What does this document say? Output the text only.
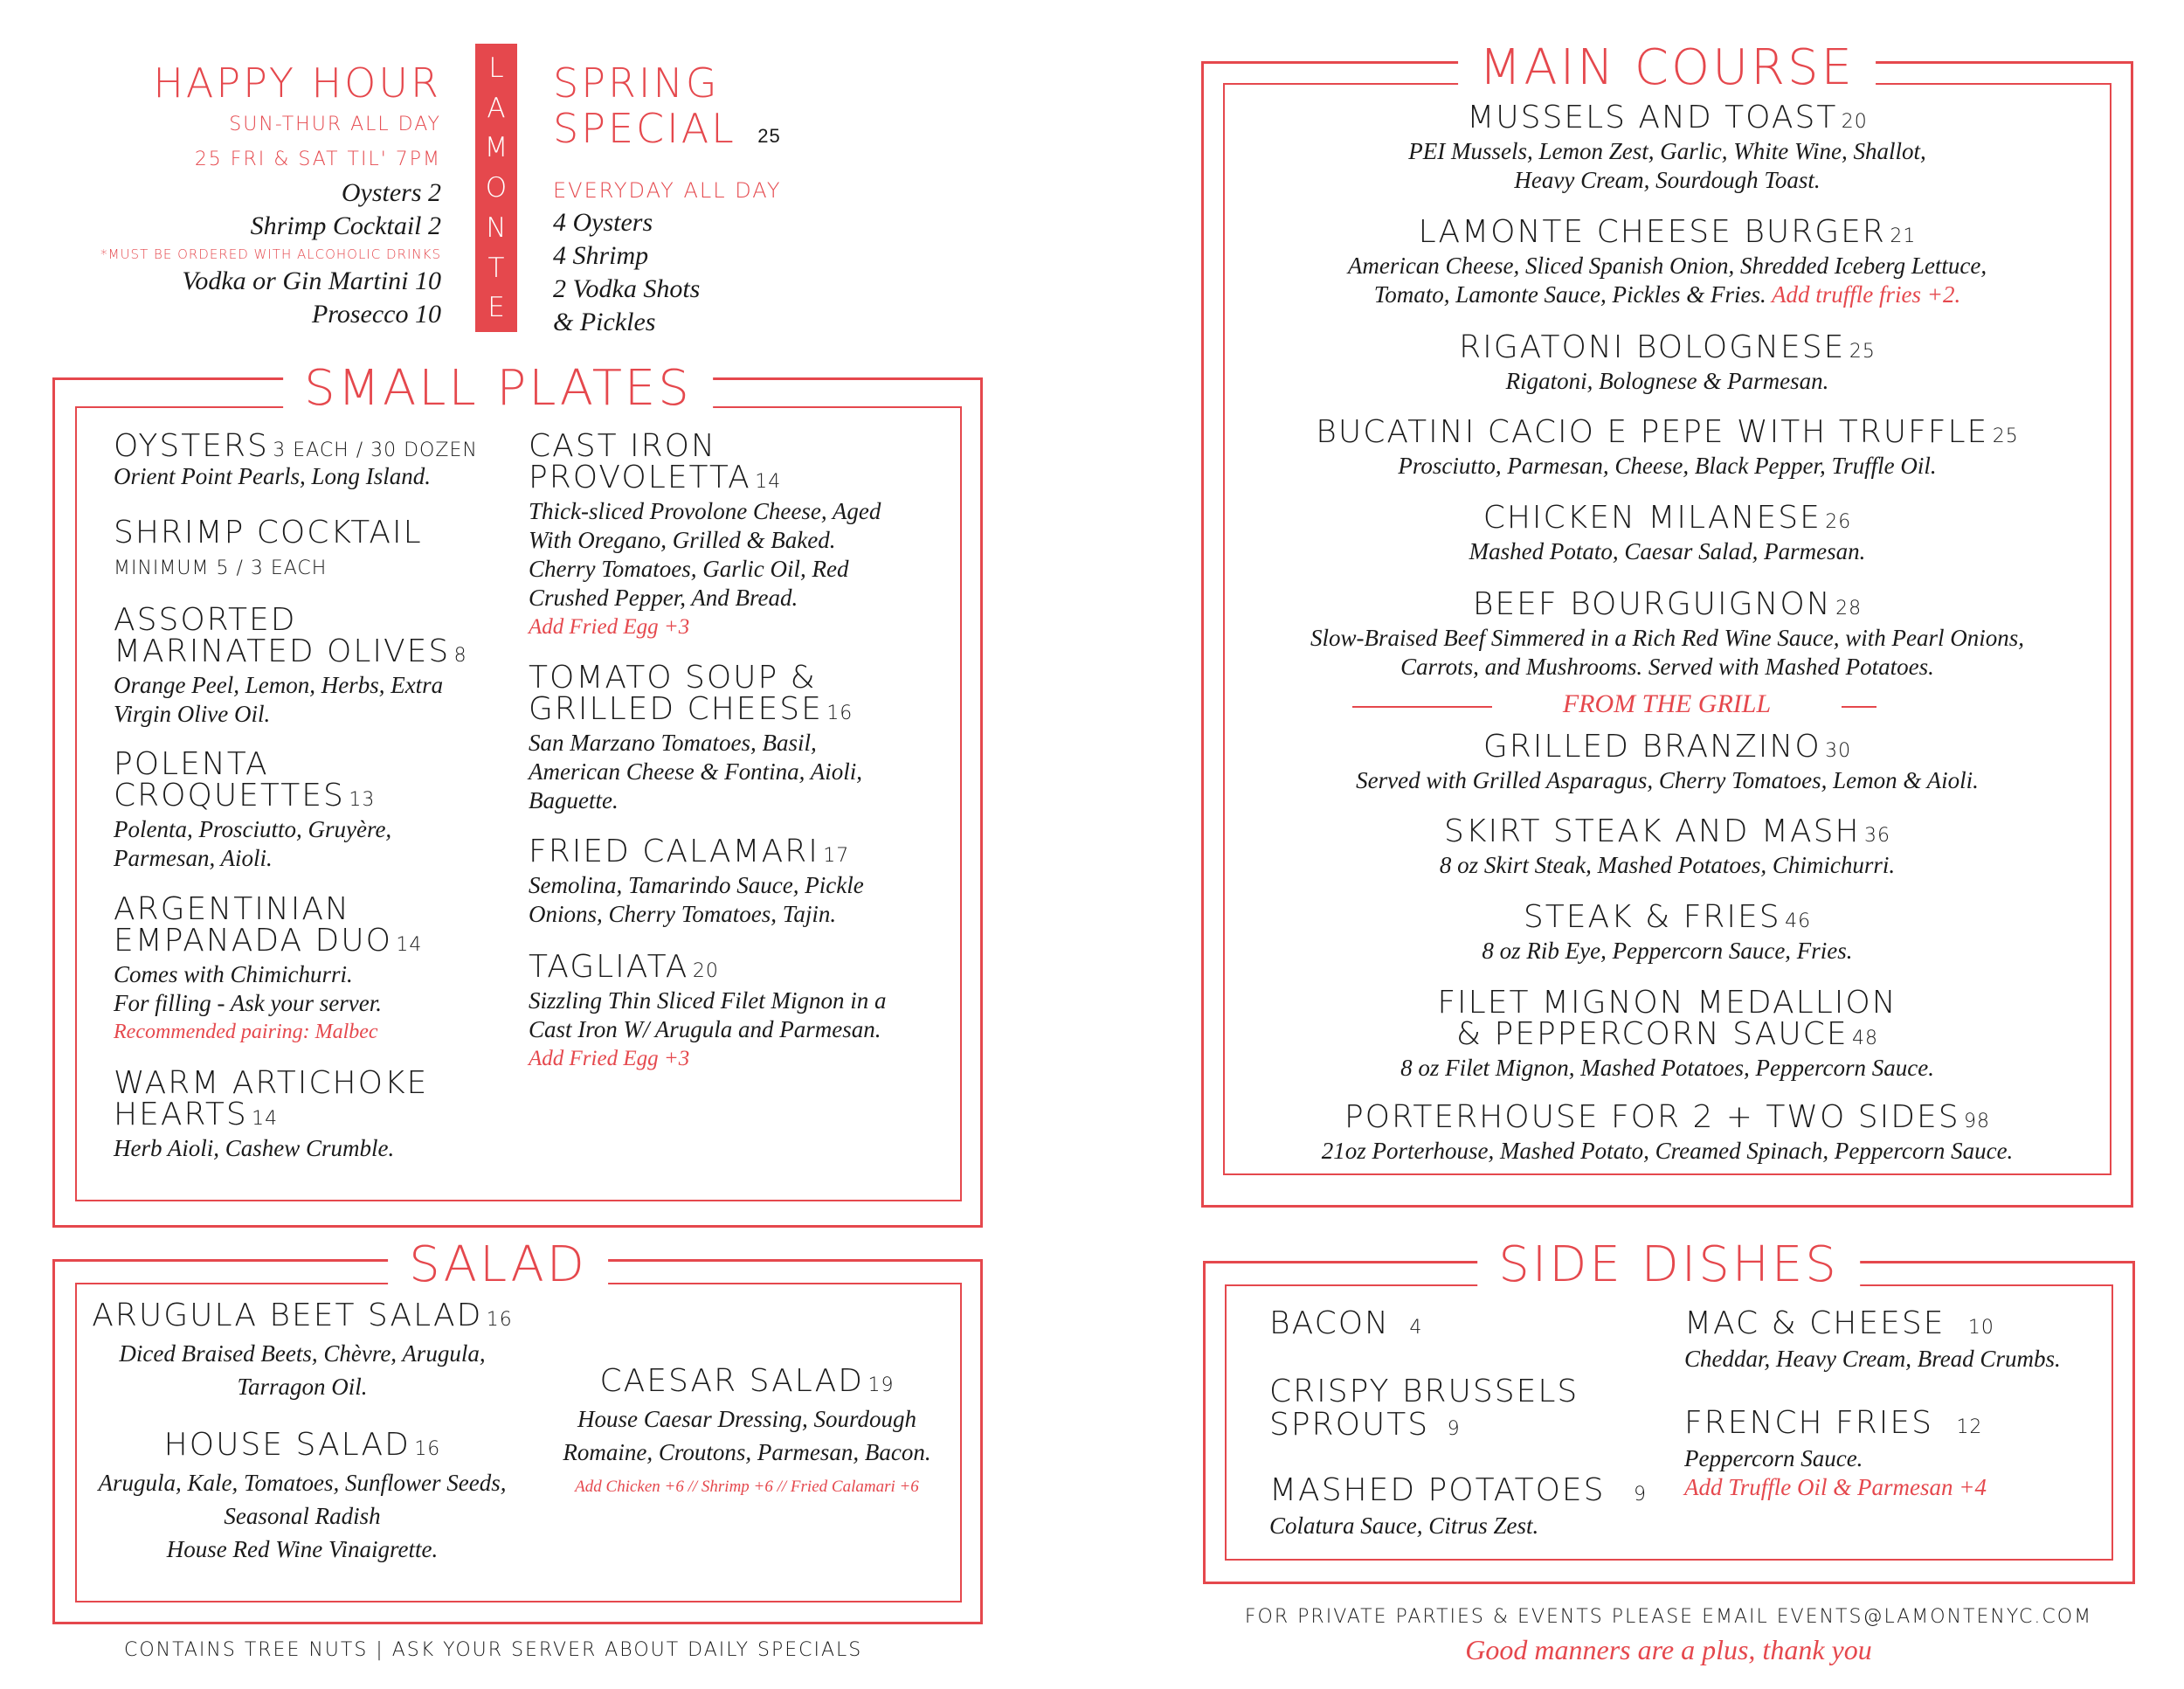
HAPPY HOUR
SUN-THUR ALL DAY
25 FRI & SAT TIL' 7PM
Oysters 2
Shrimp Cocktail 2
*MUST BE ORDERED WITH ALCOHOLIC DRINKS
Vodka or Gin Martini 10
Prosecco 10
L
A
M
O
N
T
E
SPRING
SPECIAL 25
EVERYDAY ALL DAY
4 Oysters
4 Shrimp
2 Vodka Shots
& Pickles
SMALL PLATES
OYSTERS 3 EACH / 30 DOZEN
Orient Point Pearls, Long Island.
SHRIMP COCKTAIL
MINIMUM 5 / 3 EACH
ASSORTED
MARINATED OLIVES 8
Orange Peel, Lemon, Herbs, Extra
Virgin Olive Oil.
POLENTA
CROQUETTES 13
Polenta, Prosciutto, Gruyère,
Parmesan, Aioli.
ARGENTINIAN
EMPANADA DUO 14
Comes with Chimichurri.
For filling - Ask your server.
Recommended pairing: Malbec
WARM ARTICHOKE
HEARTS 14
Herb Aioli, Cashew Crumble.
CAST IRON
PROVOLETTA 14
Thick-sliced Provolone Cheese, Aged
With Oregano, Grilled & Baked.
Cherry Tomatoes, Garlic Oil, Red
Crushed Pepper, And Bread.
Add Fried Egg +3
TOMATO SOUP &
GRILLED CHEESE 16
San Marzano Tomatoes, Basil,
American Cheese & Fontina, Aioli,
Baguette.
FRIED CALAMARI 17
Semolina, Tamarindo Sauce, Pickle
Onions, Cherry Tomatoes, Tajin.
TAGLIATA 20
Sizzling Thin Sliced Filet Mignon in a
Cast Iron W/ Arugula and Parmesan.
Add Fried Egg +3
SALAD
ARUGULA BEET SALAD 16
Diced Braised Beets, Chèvre, Arugula,
Tarragon Oil.
HOUSE SALAD 16
Arugula, Kale, Tomatoes, Sunflower Seeds,
Seasonal Radish
House Red Wine Vinaigrette.
CAESAR SALAD 19
House Caesar Dressing, Sourdough
Romaine, Croutons, Parmesan, Bacon.
Add Chicken +6 // Shrimp +6 // Fried Calamari +6
CONTAINS TREE NUTS | ASK YOUR SERVER ABOUT DAILY SPECIALS
MAIN COURSE
MUSSELS AND TOAST 20
PEI Mussels, Lemon Zest, Garlic, White Wine, Shallot,
Heavy Cream, Sourdough Toast.
LAMONTE CHEESE BURGER 21
American Cheese, Sliced Spanish Onion, Shredded Iceberg Lettuce,
Tomato, Lamonte Sauce, Pickles & Fries. Add truffle fries +2.
RIGATONI BOLOGNESE 25
Rigatoni, Bolognese & Parmesan.
BUCATINI CACIO E PEPE WITH TRUFFLE 25
Prosciutto, Parmesan, Cheese, Black Pepper, Truffle Oil.
CHICKEN MILANESE 26
Mashed Potato, Caesar Salad, Parmesan.
BEEF BOURGUIGNON 28
Slow-Braised Beef Simmered in a Rich Red Wine Sauce, with Pearl Onions,
Carrots, and Mushrooms. Served with Mashed Potatoes.
FROM THE GRILL
GRILLED BRANZINO 30
Served with Grilled Asparagus, Cherry Tomatoes, Lemon & Aioli.
SKIRT STEAK AND MASH 36
8 oz Skirt Steak, Mashed Potatoes, Chimichurri.
STEAK & FRIES 46
8 oz Rib Eye, Peppercorn Sauce, Fries.
FILET MIGNON MEDALLION
& PEPPERCORN SAUCE 48
8 oz Filet Mignon, Mashed Potatoes, Peppercorn Sauce.
PORTERHOUSE FOR 2 + TWO SIDES 98
21oz Porterhouse, Mashed Potato, Creamed Spinach, Peppercorn Sauce.
SIDE DISHES
BACON 4
CRISPY BRUSSELS
SPROUTS 9
MASHED POTATOES 9
Colatura Sauce, Citrus Zest.
MAC & CHEESE 10
Cheddar, Heavy Cream, Bread Crumbs.
FRENCH FRIES 12
Peppercorn Sauce.
Add Truffle Oil & Parmesan +4
FOR PRIVATE PARTIES & EVENTS PLEASE EMAIL EVENTS@LAMONTENYC.COM
Good manners are a plus, thank you
